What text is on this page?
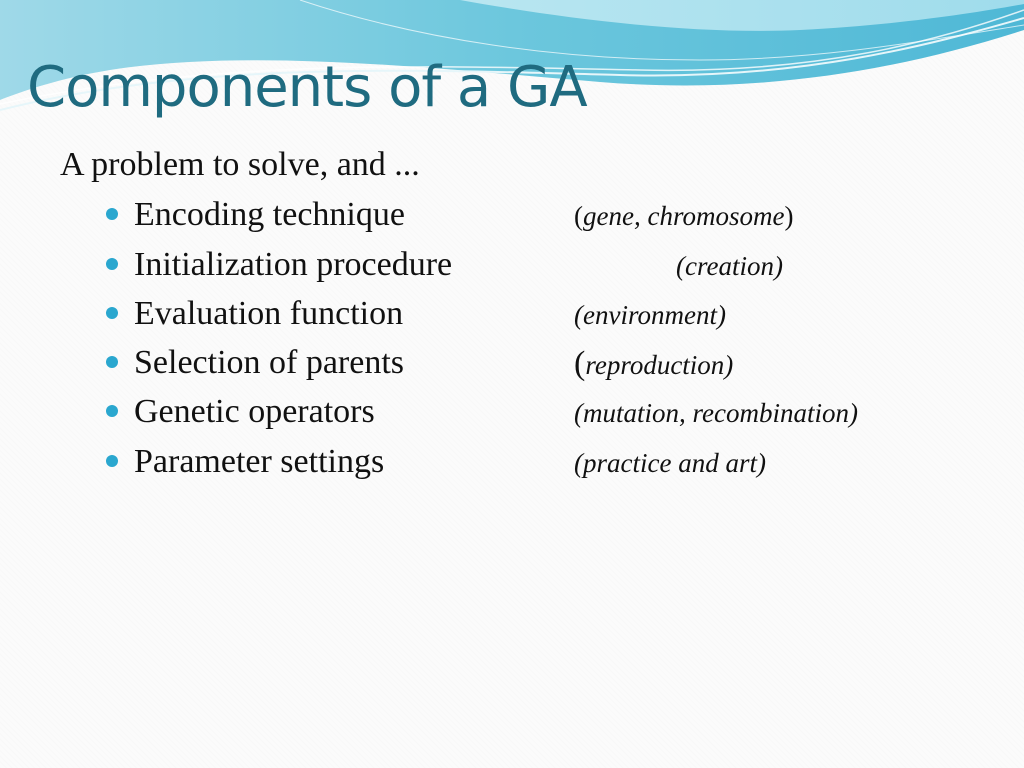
Components of a GA
A problem to solve, and ...
Encoding technique	(gene, chromosome)
Initialization procedure	(creation)
Evaluation function	(environment)
Selection of parents	(reproduction)
Genetic operators	(mutation, recombination)
Parameter settings	(practice and art)
